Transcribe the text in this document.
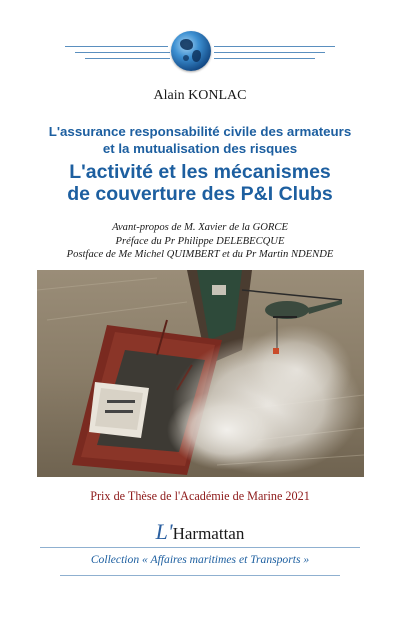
Alain KONLAC
L'assurance responsabilité civile des armateurs
et la mutualisation des risques
L'activité et les mécanismes
de couverture des P&I Clubs
Avant-propos de M. Xavier de la GORCE
Préface du Pr Philippe DELEBECQUE
Postface de Me Michel QUIMBERT et du Pr Martin NDENDE
Prix de Thèse de l'Académie de Marine 2021
L'Harmattan
Collection « Affaires maritimes et Transports »
